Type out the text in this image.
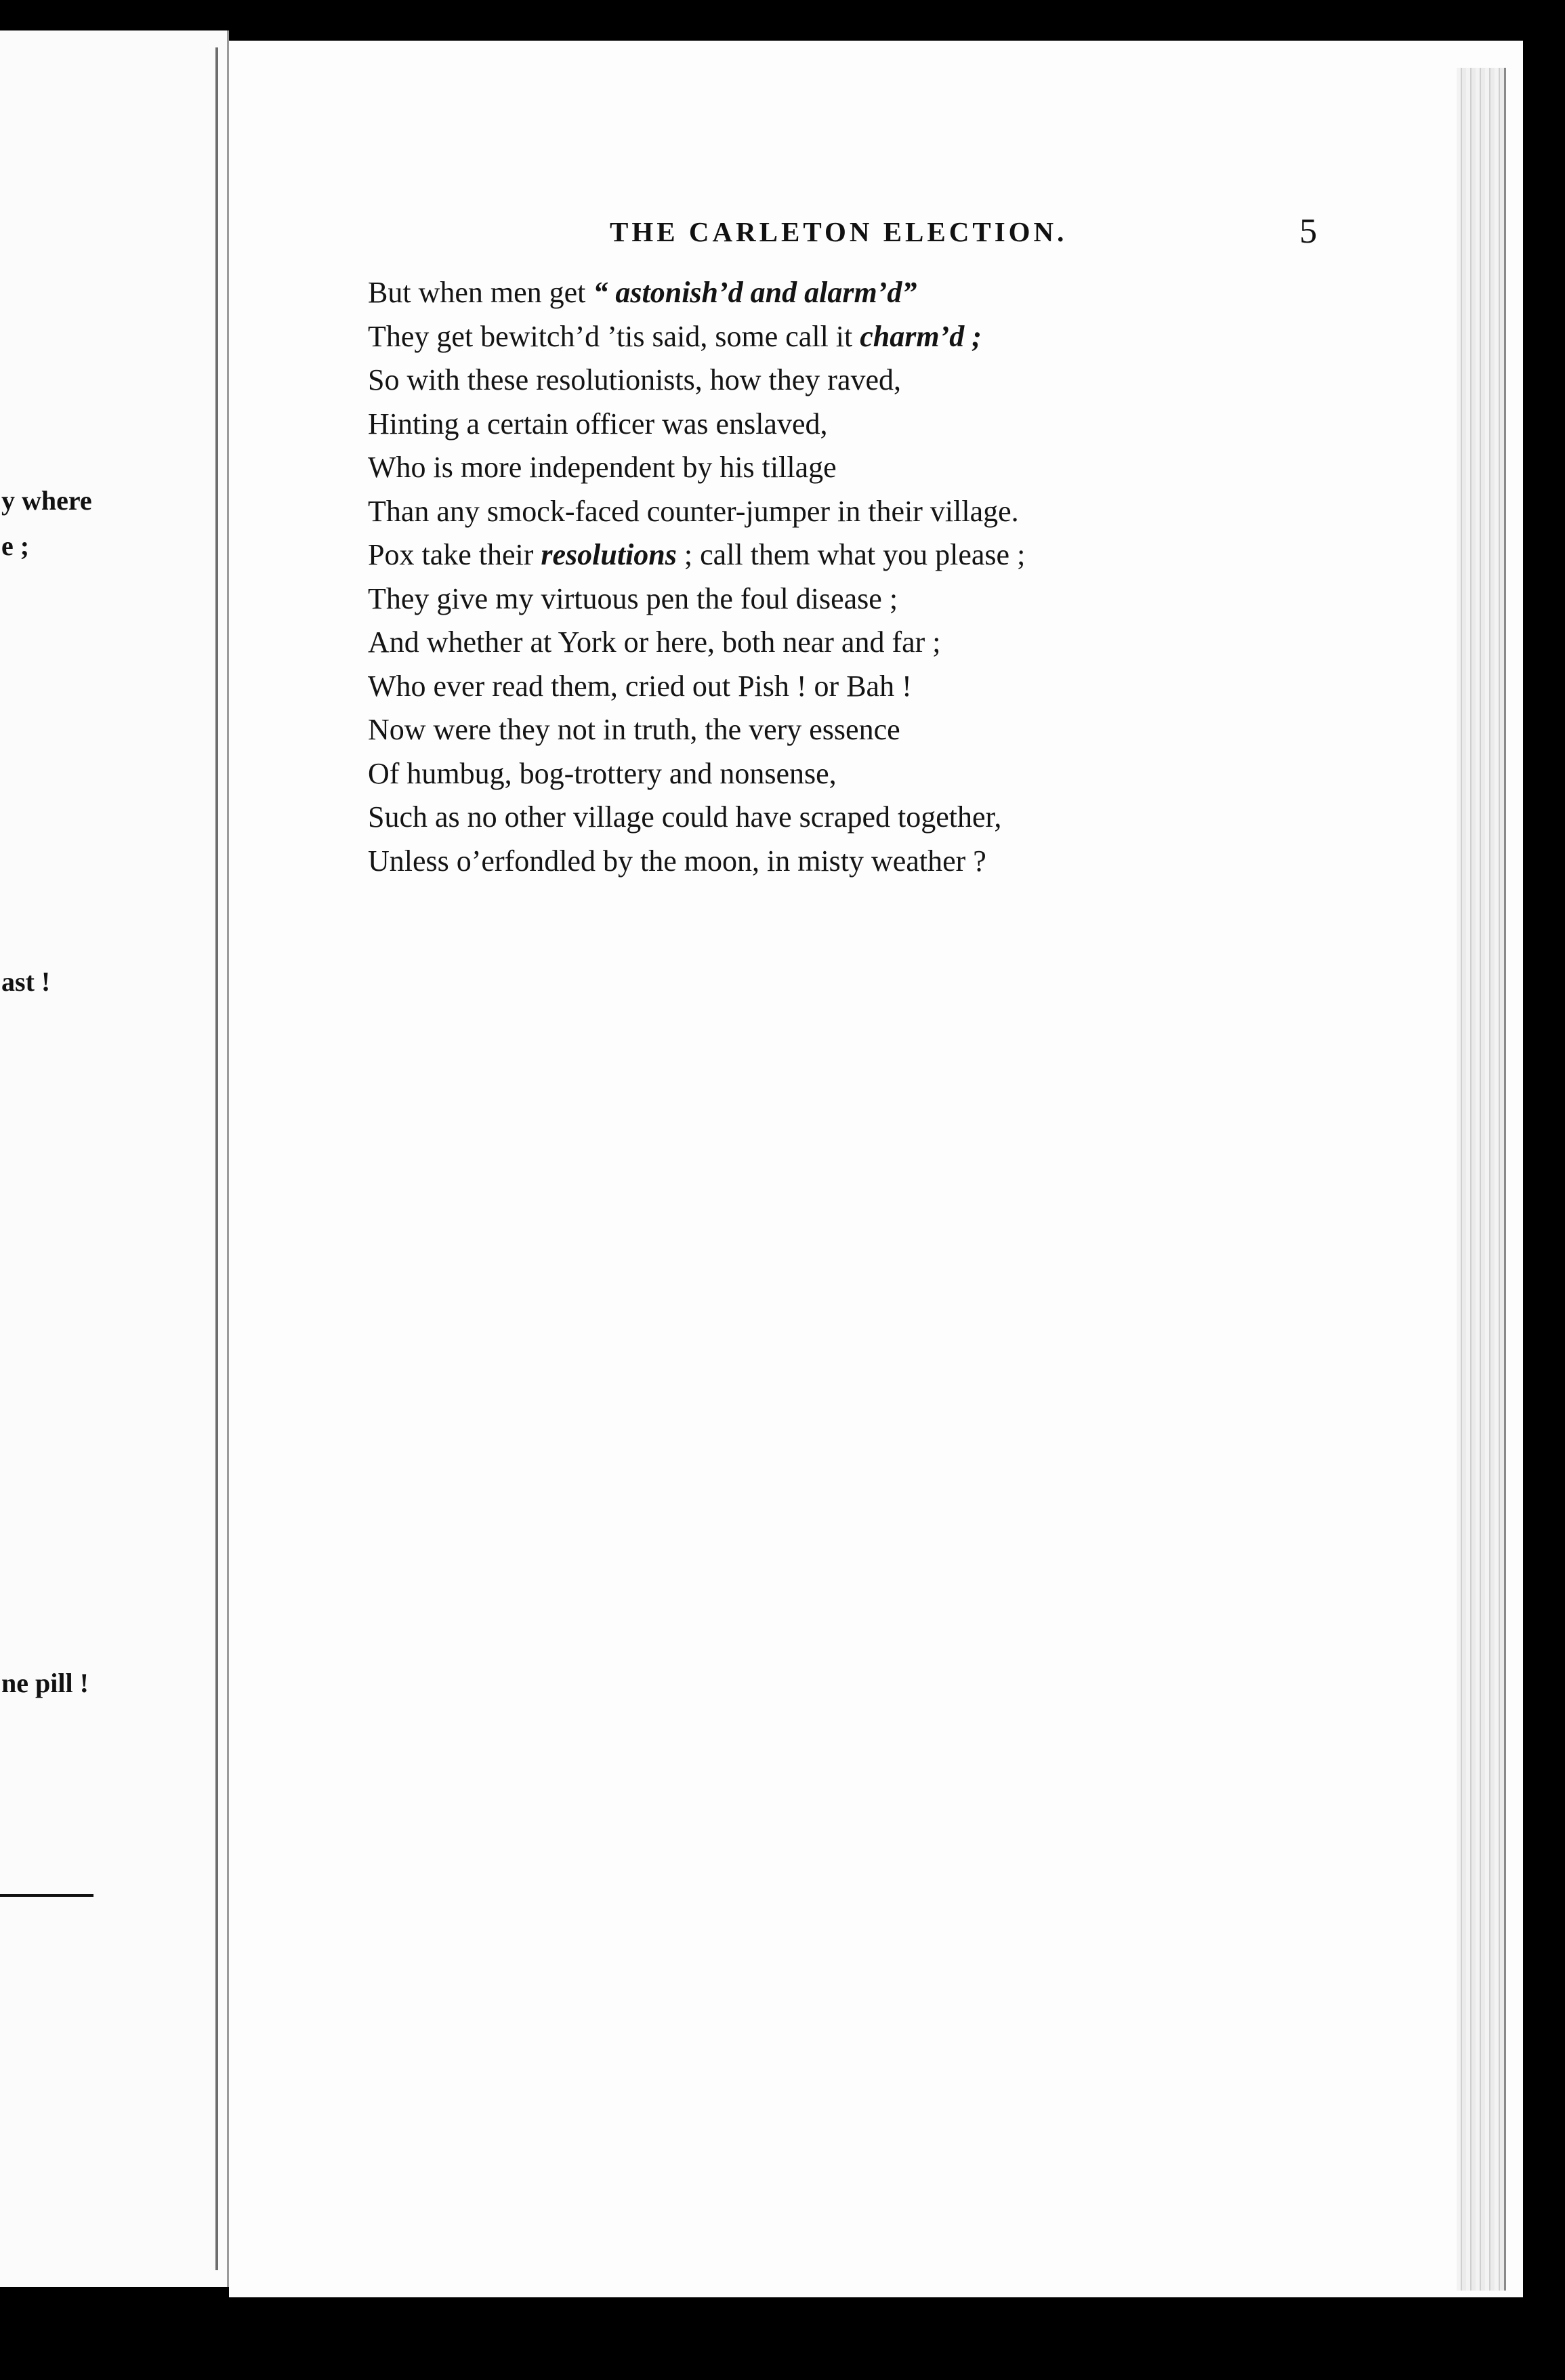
y where
e ;
ast !
ne pill !
THE CARLETON ELECTION.	5
But when men get “ astonish’d and alarm’d”
They get bewitch’d ’tis said, some call it charm’d ;
So with these resolutionists, how they raved,
Hinting a certain officer was enslaved,
Who is more independent by his tillage
Than any smock-faced counter-jumper in their village.
Pox take their resolutions ; call them what you please ;
They give my virtuous pen the foul disease ;
And whether at York or here, both near and far ;
Who ever read them, cried out Pish ! or Bah !
Now were they not in truth, the very essence
Of humbug, bog-trottery and nonsense,
Such as no other village could have scraped together,
Unless o’erfondled by the moon, in misty weather ?
